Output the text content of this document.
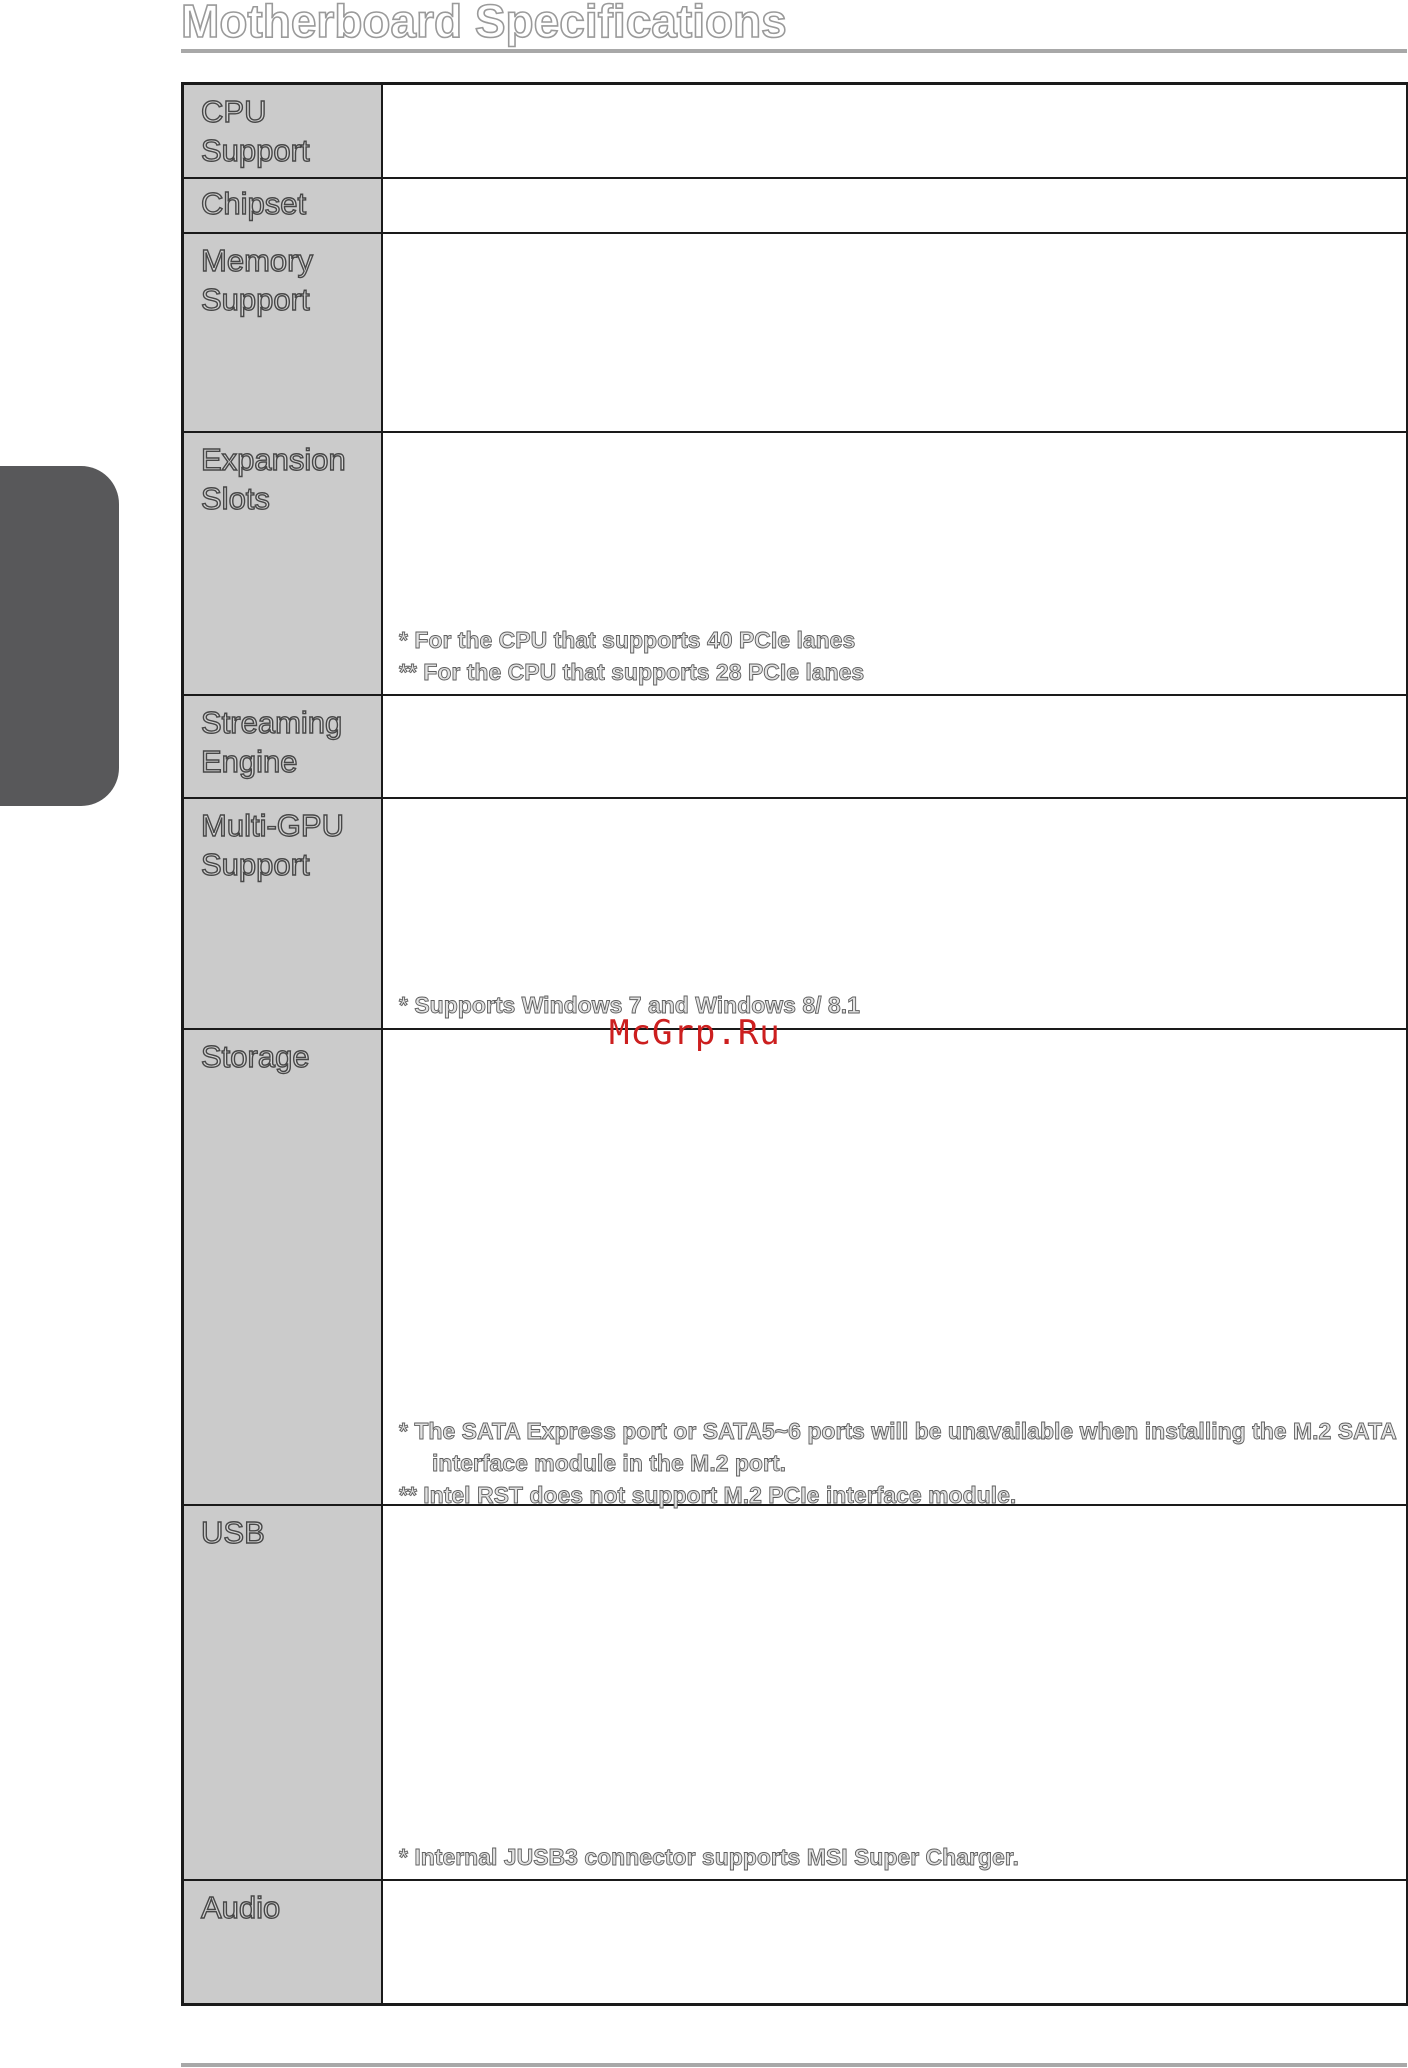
Motherboard Specifications
CPU
Support
Chipset
Memory
Support
Expansion
Slots
* For the CPU that supports 40 PCIe lanes
** For the CPU that supports 28 PCIe lanes
Streaming
Engine
Multi-GPU
Support
* Supports Windows 7 and Windows 8/ 8.1
Storage
* The SATA Express port or SATA5~6 ports will be unavailable when installing the M.2 SATA interface module in the M.2 port.
** Intel RST does not support M.2 PCIe interface module.
USB
* Internal JUSB3 connector supports MSI Super Charger.
Audio
McGrp.Ru
